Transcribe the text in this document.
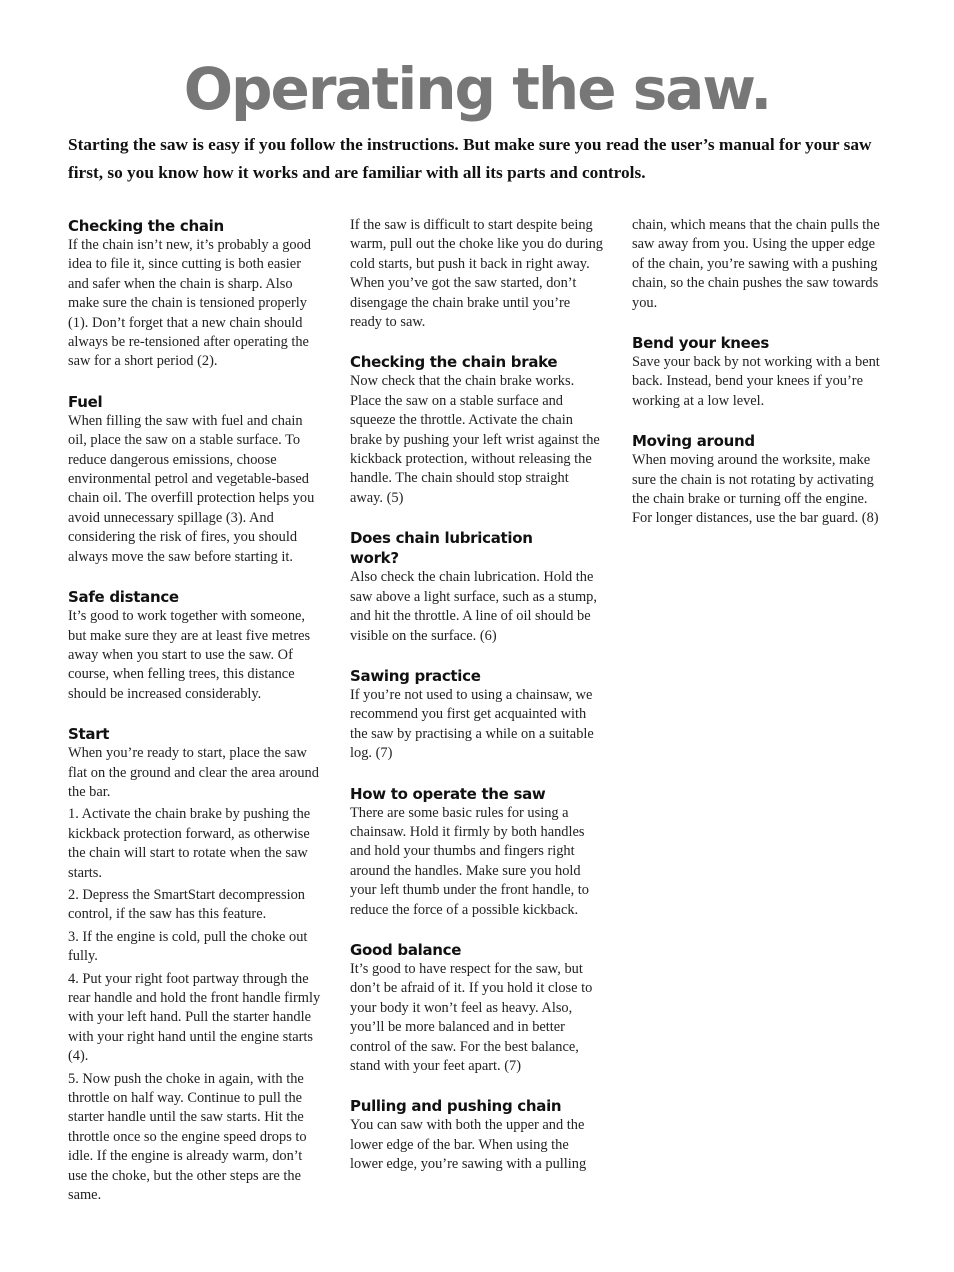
Operating the saw.

Starting the saw is easy if you follow the instructions. But make sure you read the user’s manual for your saw first, so you know how it works and are familiar with all its parts and controls.

Checking the chain

If the chain isn’t new, it’s probably a good idea to file it, since cutting is both easier and safer when the chain is sharp. Also make sure the chain is tensioned properly (1). Don’t forget that a new chain should always be re-tensioned after operating the saw for a short period (2).

Fuel

When filling the saw with fuel and chain oil, place the saw on a stable surface. To reduce dangerous emissions, choose environmental petrol and vegetable-based chain oil. The overfill protection helps you avoid unnecessary spillage (3). And considering the risk of fires, you should always move the saw before starting it.

Safe distance

It’s good to work together with someone, but make sure they are at least five metres away when you start to use the saw. Of course, when felling trees, this distance should be increased considerably.

Start

When you’re ready to start, place the saw flat on the ground and clear the area around the bar.

1. Activate the chain brake by pushing the kickback protection forward, as otherwise the chain will start to rotate when the saw starts.

2. Depress the SmartStart decompression control, if the saw has this feature.

3. If the engine is cold, pull the choke out fully.

4. Put your right foot partway through the rear handle and hold the front handle firmly with your left hand. Pull the starter handle with your right hand until the engine starts (4).

5. Now push the choke in again, with the throttle on half way. Continue to pull the starter handle until the saw starts. Hit the throttle once so the engine speed drops to idle. If the engine is already warm, don’t use the choke, but the other steps are the same.

If the saw is difficult to start despite being warm, pull out the choke like you do during cold starts, but push it back in right away. When you’ve got the saw started, don’t disengage the chain brake until you’re ready to saw.

Checking the chain brake

Now check that the chain brake works. Place the saw on a stable surface and squeeze the throttle. Activate the chain brake by pushing your left wrist against the kickback protection, without releasing the handle. The chain should stop straight away. (5)

Does chain lubrication work?

Also check the chain lubrication. Hold the saw above a light surface, such as a stump, and hit the throttle. A line of oil should be visible on the surface. (6)

Sawing practice

If you’re not used to using a chainsaw, we recommend you first get acquainted with the saw by practising a while on a suitable log. (7)

How to operate the saw

There are some basic rules for using a chainsaw. Hold it firmly by both handles and hold your thumbs and fingers right around the handles. Make sure you hold your left thumb under the front handle, to reduce the force of a possible kickback.

Good balance

It’s good to have respect for the saw, but don’t be afraid of it. If you hold it close to your body it won’t feel as heavy. Also, you’ll be more balanced and in better control of the saw. For the best balance, stand with your feet apart. (7)

Pulling and pushing chain

You can saw with both the upper and the lower edge of the bar. When using the lower edge, you’re sawing with a pulling

chain, which means that the chain pulls the saw away from you. Using the upper edge of the chain, you’re sawing with a pushing chain, so the chain pushes the saw towards you.

Bend your knees

Save your back by not working with a bent back. Instead, bend your knees if you’re working at a low level.

Moving around

When moving around the worksite, make sure the chain is not rotating by activating the chain brake or turning off the engine. For longer distances, use the bar guard. (8)
